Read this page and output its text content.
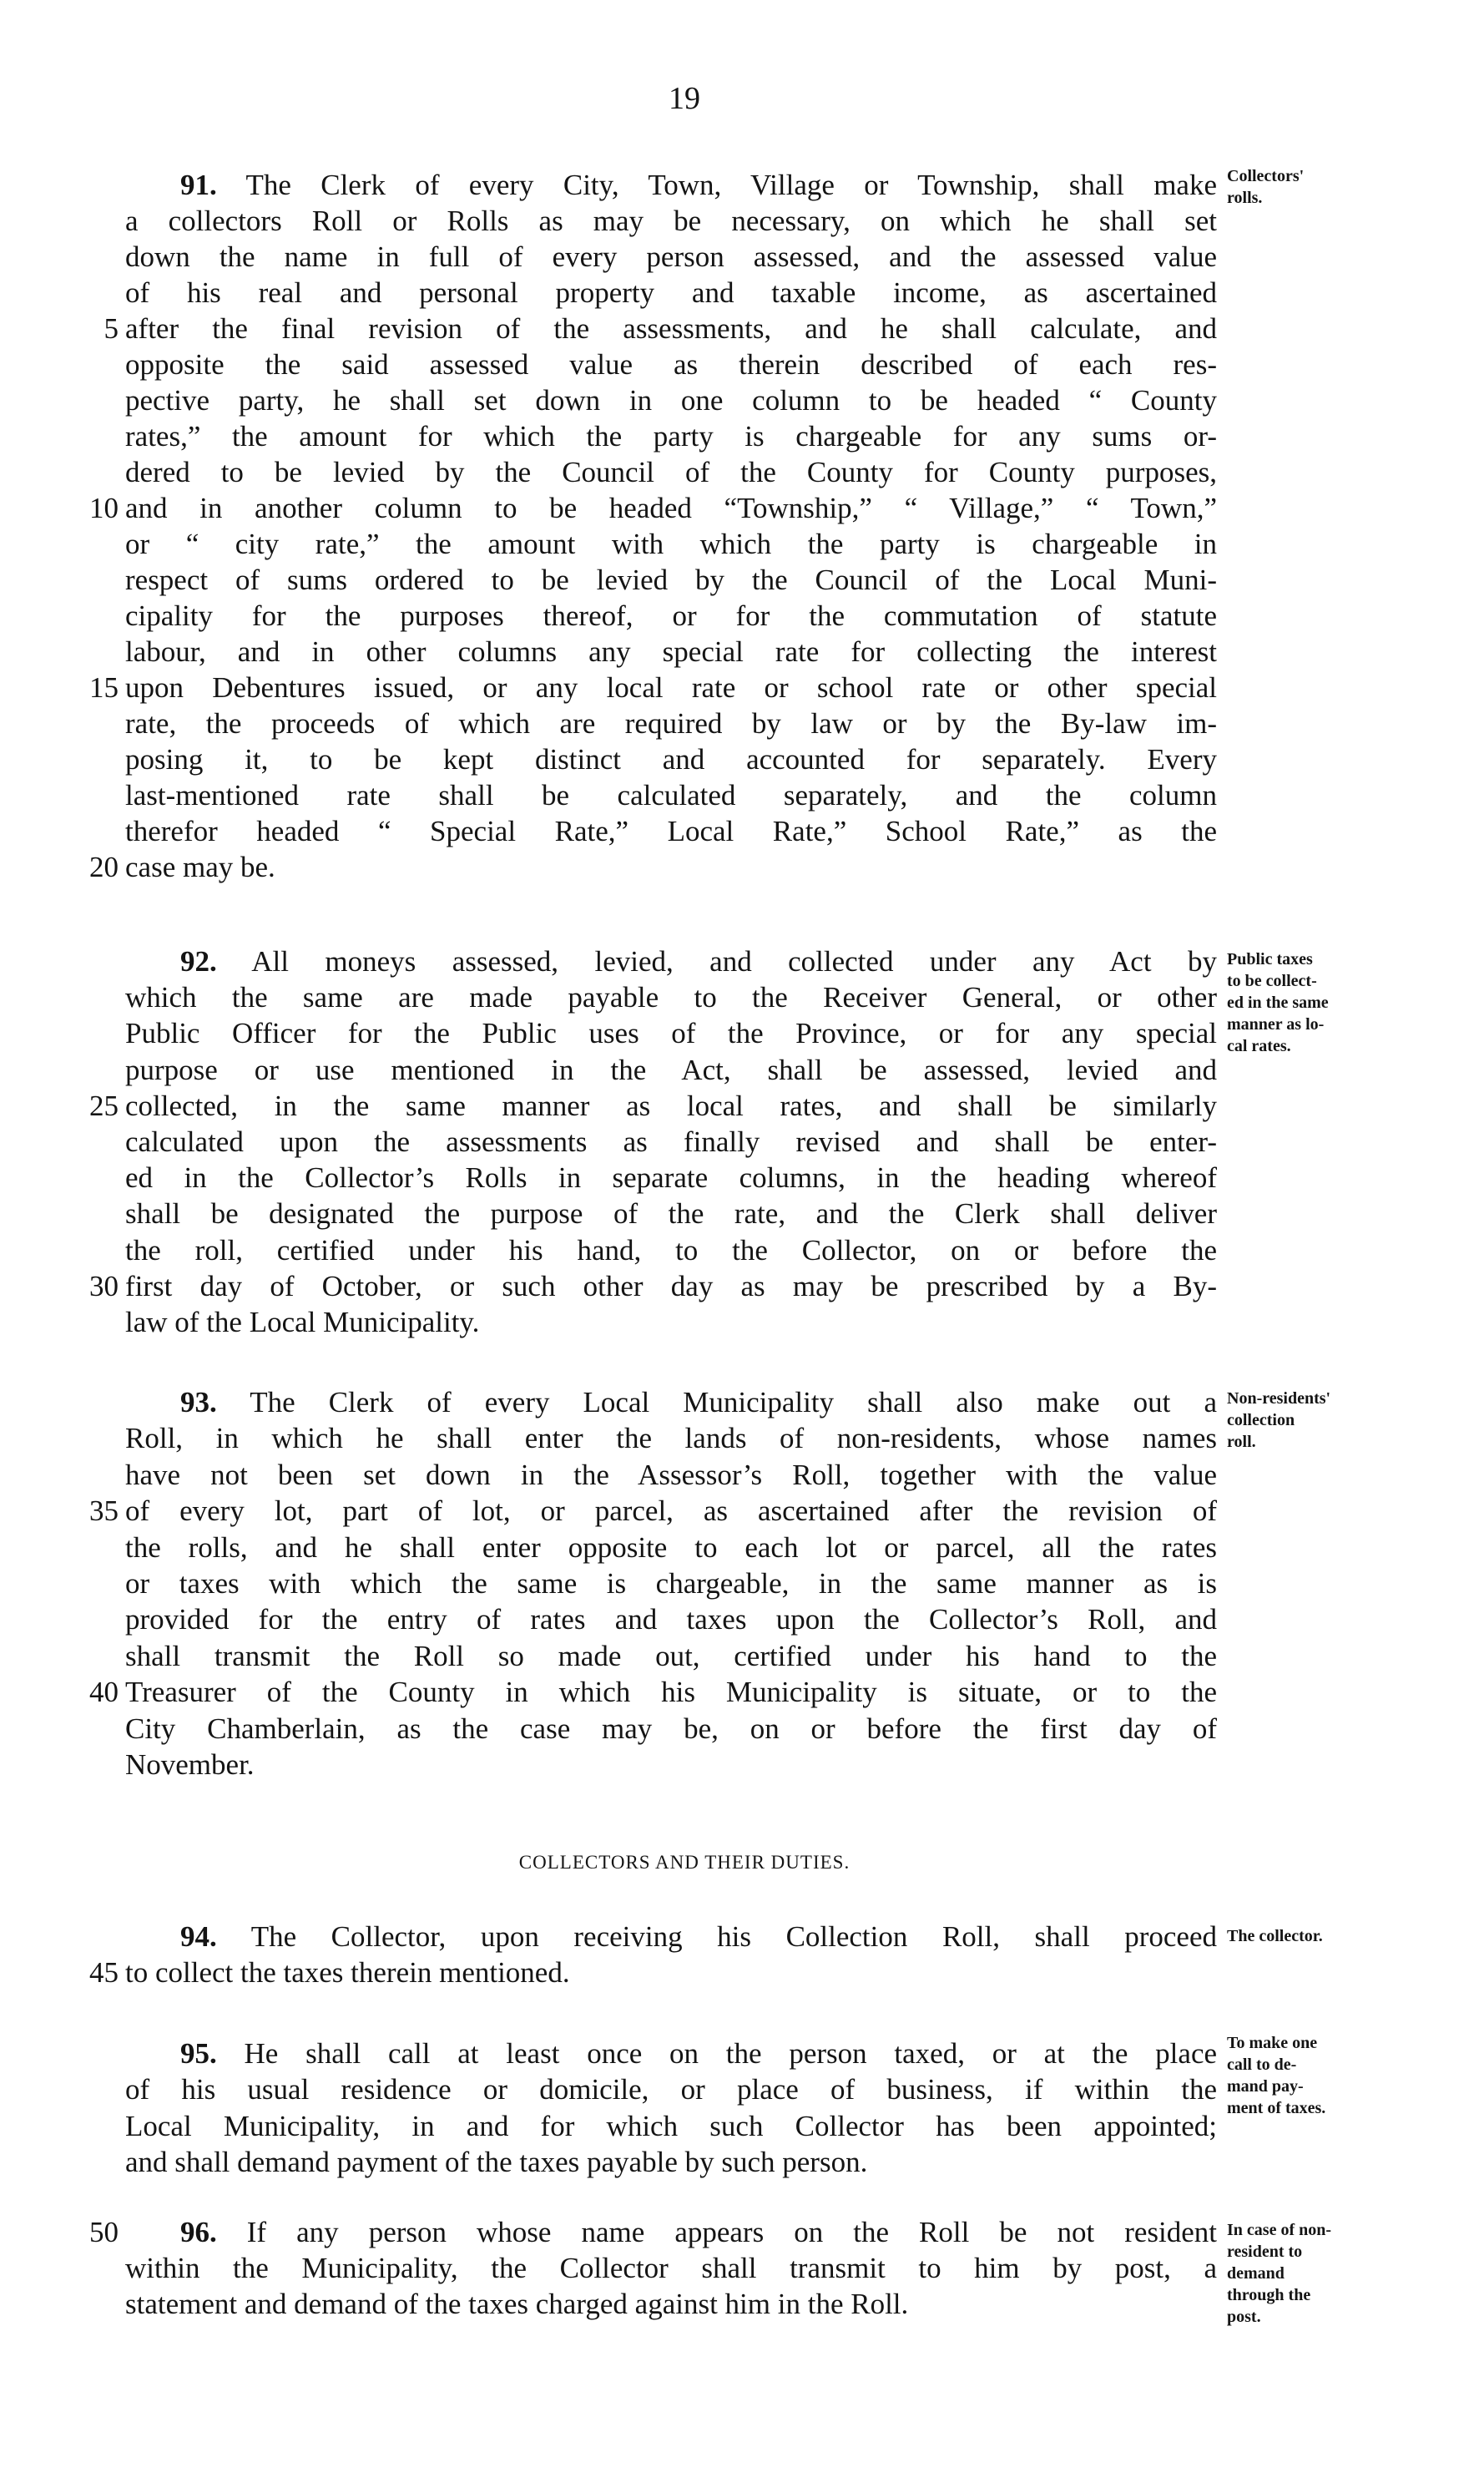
19
91. The Clerk of every City, Town, Village or Township, shall make
a collectors Roll or Rolls as may be necessary, on which he shall set
down the name in full of every person assessed, and the assessed value
of his real and personal property and taxable income, as ascertained
after the final revision of the assessments, and he shall calculate, and
5
opposite the said assessed value as therein described of each res-
pective party, he shall set down in one column to be headed “ County
rates,” the amount for which the party is chargeable for any sums or-
dered to be levied by the Council of the County for County purposes,
and in another column to be headed “Township,” “ Village,” “ Town,”
10
or “ city rate,” the amount with which the party is chargeable in
respect of sums ordered to be levied by the Council of the Local Muni-
cipality for the purposes thereof, or for the commutation of statute
labour, and in other columns any special rate for collecting the interest
upon Debentures issued, or any local rate or school rate or other special
15
rate, the proceeds of which are required by law or by the By-law im-
posing it, to be kept distinct and accounted for separately. Every
last-mentioned rate shall be calculated separately, and the column
therefor headed “ Special Rate,” Local Rate,” School Rate,” as the
case may be.
20
Collectors'
rolls.
92. All moneys assessed, levied, and collected under any Act by
which the same are made payable to the Receiver General, or other
Public Officer for the Public uses of the Province, or for any special
purpose or use mentioned in the Act, shall be assessed, levied and
collected, in the same manner as local rates, and shall be similarly
25
calculated upon the assessments as finally revised and shall be enter-
ed in the Collector’s Rolls in separate columns, in the heading whereof
shall be designated the purpose of the rate, and the Clerk shall deliver
the roll, certified under his hand, to the Collector, on or before the
first day of October, or such other day as may be prescribed by a By-
30
law of the Local Municipality.
Public taxes
to be collect-
ed in the same
manner as lo-
cal rates.
93. The Clerk of every Local Municipality shall also make out a
Roll, in which he shall enter the lands of non-residents, whose names
have not been set down in the Assessor’s Roll, together with the value
of every lot, part of lot, or parcel, as ascertained after the revision of
35
the rolls, and he shall enter opposite to each lot or parcel, all the rates
or taxes with which the same is chargeable, in the same manner as is
provided for the entry of rates and taxes upon the Collector’s Roll, and
shall transmit the Roll so made out, certified under his hand to the
Treasurer of the County in which his Municipality is situate, or to the
40
City Chamberlain, as the case may be, on or before the first day of
November.
Non-residents'
collection
roll.
COLLECTORS AND THEIR DUTIES.
94. The Collector, upon receiving his Collection Roll, shall proceed
to collect the taxes therein mentioned.
45
The collector.
95. He shall call at least once on the person taxed, or at the place
of his usual residence or domicile, or place of business, if within the
Local Municipality, in and for which such Collector has been appointed;
and shall demand payment of the taxes payable by such person.
To make one
call to de-
mand pay-
ment of taxes.
96. If any person whose name appears on the Roll be not resident
50
within the Municipality, the Collector shall transmit to him by post, a
statement and demand of the taxes charged against him in the Roll.
In case of non-
resident to
demand
through the
post.
